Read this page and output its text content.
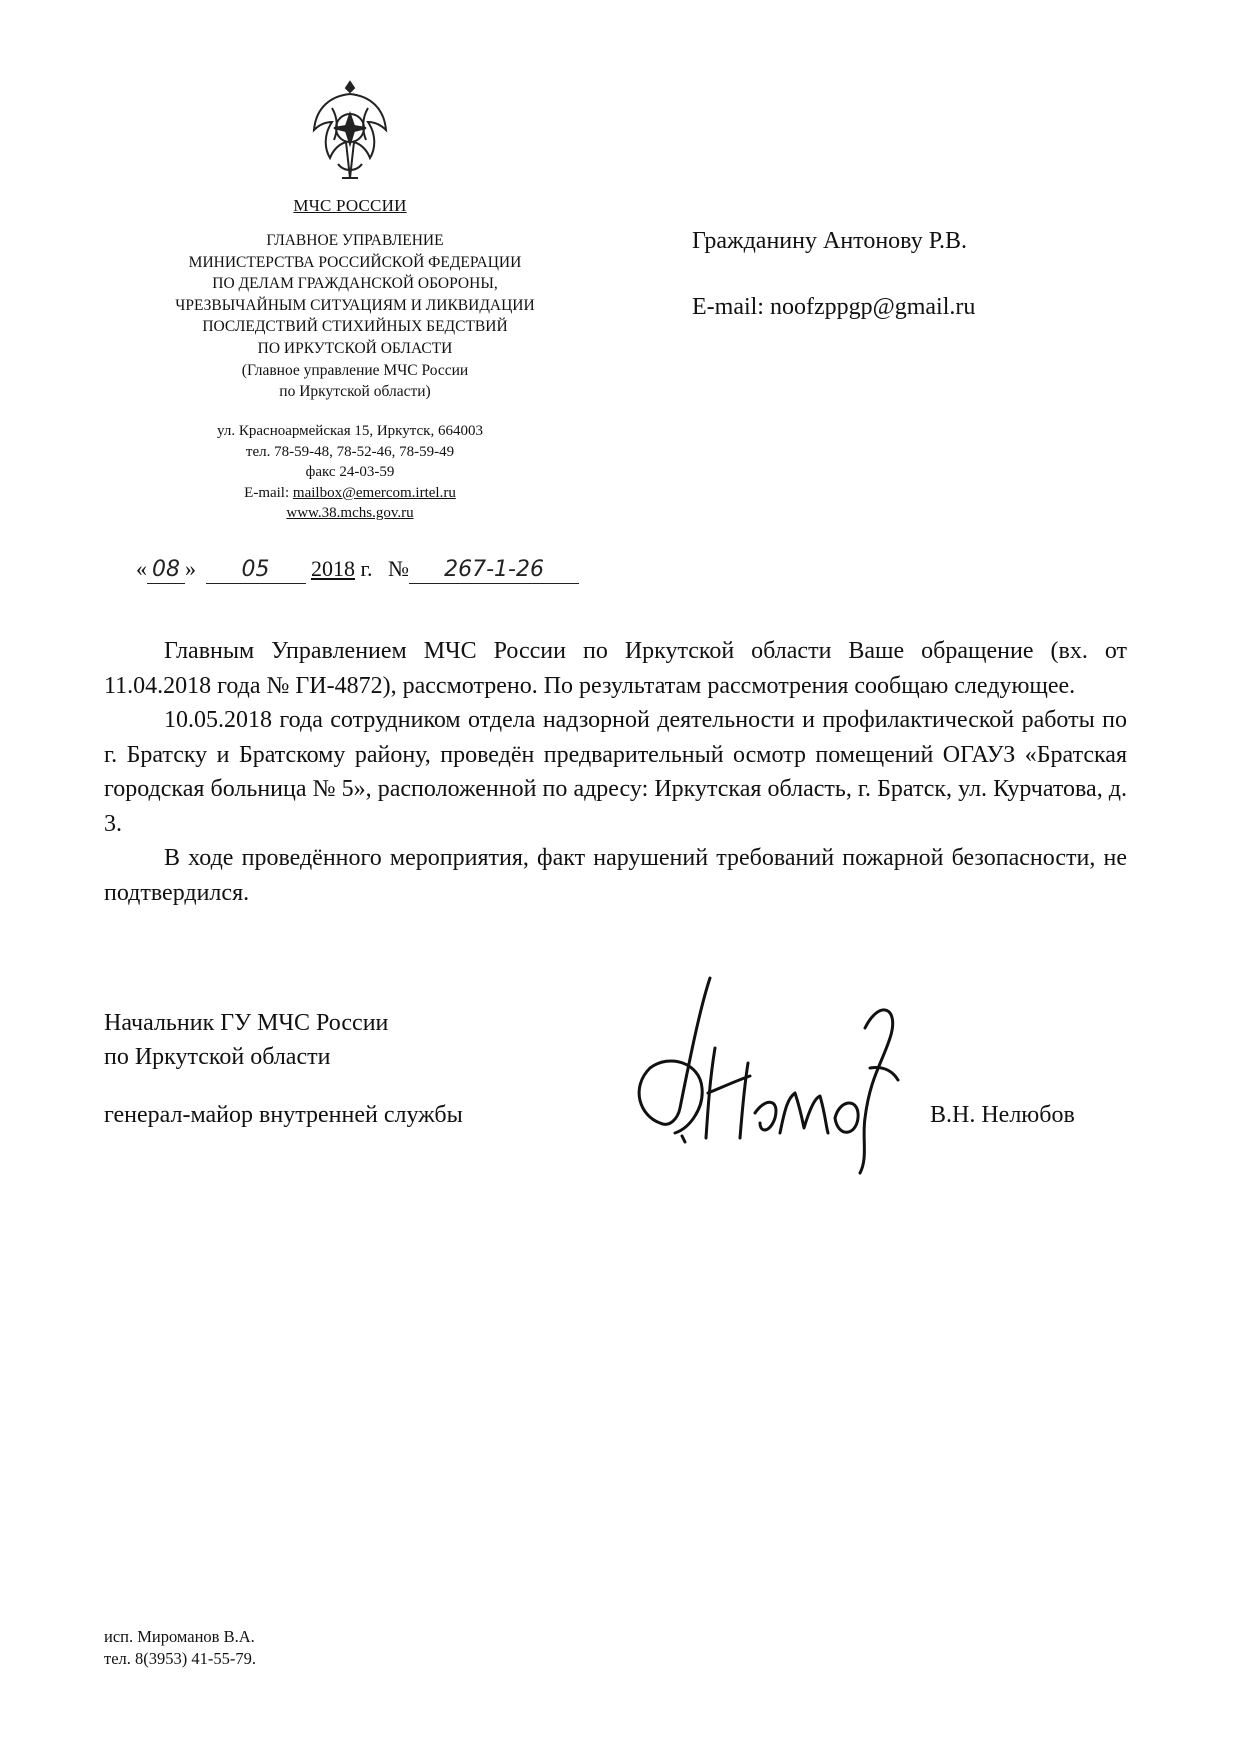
МЧС РОССИИ
ГЛАВНОЕ УПРАВЛЕНИЕ
МИНИСТЕРСТВА РОССИЙСКОЙ ФЕДЕРАЦИИ
ПО ДЕЛАМ ГРАЖДАНСКОЙ ОБОРОНЫ,
ЧРЕЗВЫЧАЙНЫМ СИТУАЦИЯМ И ЛИКВИДАЦИИ
ПОСЛЕДСТВИЙ СТИХИЙНЫХ БЕДСТВИЙ
ПО ИРКУТСКОЙ ОБЛАСТИ
(Главное управление МЧС России
по Иркутской области)
ул. Красноармейская 15, Иркутск, 664003
тел. 78-59-48, 78-52-46, 78-59-49
факс 24-03-59
E-mail: mailbox@emercom.irtel.ru
www.38.mchs.gov.ru
Гражданину Антонову Р.В.
E-mail: noofzppgp@gmail.ru
« 08 » 05 2018 г. № 267-1-26

Главным Управлением МЧС России по Иркутской области Ваше обращение (вх. от 11.04.2018 года № ГИ-4872), рассмотрено. По результатам рассмотрения сообщаю следующее.

10.05.2018 года сотрудником отдела надзорной деятельности и профилактической работы по г. Братску и Братскому району, проведён предварительный осмотр помещений ОГАУЗ «Братская городская больница № 5», расположенной по адресу: Иркутская область, г. Братск, ул. Курчатова, д. 3.

В ходе проведённого мероприятия, факт нарушений требований пожарной безопасности, не подтвердился.

Начальник ГУ МЧС России
по Иркутской области
генерал-майор внутренней службы	В.Н. Нелюбов
исп. Мироманов В.А.
тел. 8(3953) 41-55-79.
